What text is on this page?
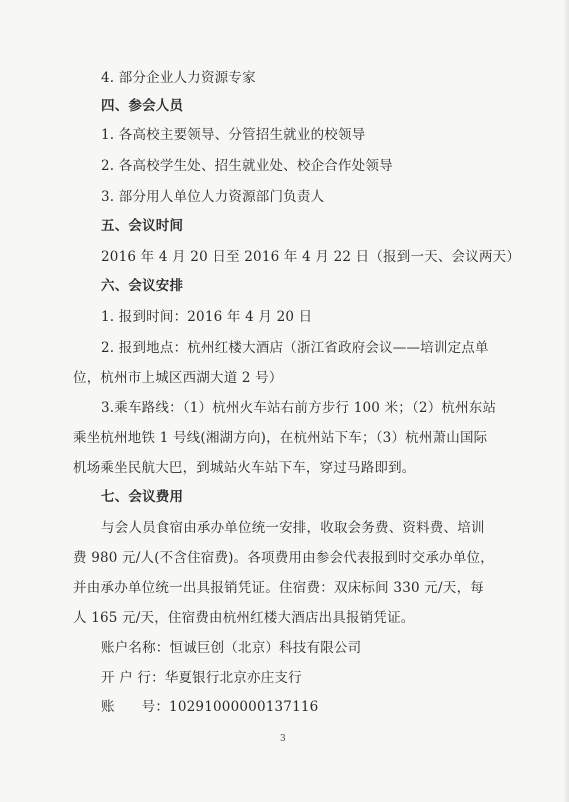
4. 部分企业人力资源专家
四、参会人员
1. 各高校主要领导、分管招生就业的校领导
2. 各高校学生处、招生就业处、校企合作处领导
3. 部分用人单位人力资源部门负责人
五、会议时间
2016 年 4 月 20 日至 2016 年 4 月 22 日（报到一天、会议两天）
六、会议安排
1. 报到时间：2016 年 4 月 20 日
2. 报到地点：杭州红楼大酒店（浙江省政府会议——培训定点单
位，杭州市上城区西湖大道 2 号）
3.乘车路线：（1）杭州火车站右前方步行 100 米；（2）杭州东站
乘坐杭州地铁 1 号线(湘湖方向)，在杭州站下车；（3）杭州萧山国际
机场乘坐民航大巴，到城站火车站下车，穿过马路即到。
七、会议费用
与会人员食宿由承办单位统一安排，收取会务费、资料费、培训
费 980 元/人(不含住宿费)。各项费用由参会代表报到时交承办单位，
并由承办单位统一出具报销凭证。住宿费：双床标间 330 元/天，每
人 165 元/天，住宿费由杭州红楼大酒店出具报销凭证。
账户名称：恒诚巨创（北京）科技有限公司
开 户 行：华夏银行北京亦庄支行
账      号：10291000000137116
3
